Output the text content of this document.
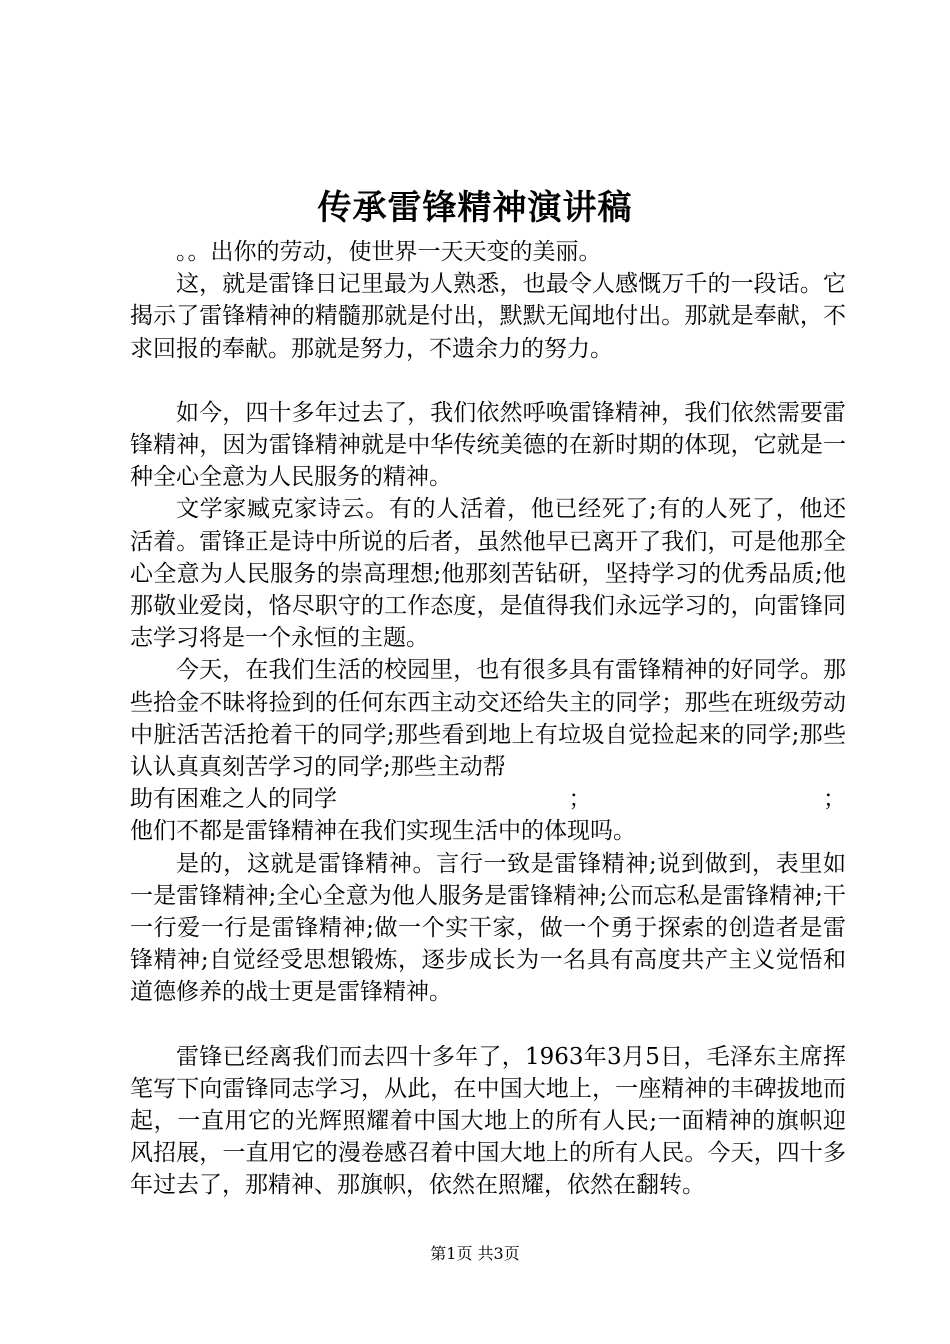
传承雷锋精神演讲稿

。。出你的劳动，使世界一天天变的美丽。

这，就是雷锋日记里最为人熟悉，也最令人感慨万千的一段话。它揭示了雷锋精神的精髓那就是付出，默默无闻地付出。那就是奉献，不求回报的奉献。那就是努力，不遗余力的努力。

如今，四十多年过去了，我们依然呼唤雷锋精神，我们依然需要雷锋精神，因为雷锋精神就是中华传统美德的在新时期的体现，它就是一种全心全意为人民服务的精神。

文学家臧克家诗云。有的人活着，他已经死了;有的人死了，他还活着。雷锋正是诗中所说的后者，虽然他早已离开了我们，可是他那全心全意为人民服务的崇高理想;他那刻苦钻研，坚持学习的优秀品质;他那敬业爱岗，恪尽职守的工作态度，是值得我们永远学习的，向雷锋同志学习将是一个永恒的主题。

今天，在我们生活的校园里，也有很多具有雷锋精神的好同学。那些拾金不昧将捡到的任何东西主动交还给失主的同学；那些在班级劳动中脏活苦活抢着干的同学;那些看到地上有垃圾自觉捡起来的同学;那些认认真真刻苦学习的同学;那些主动帮

助有困难之人的同学	；	；
他们不都是雷锋精神在我们实现生活中的体现吗。

是的，这就是雷锋精神。言行一致是雷锋精神;说到做到，表里如一是雷锋精神;全心全意为他人服务是雷锋精神;公而忘私是雷锋精神;干一行爱一行是雷锋精神;做一个实干家，做一个勇于探索的创造者是雷锋精神;自觉经受思想锻炼，逐步成长为一名具有高度共产主义觉悟和道德修养的战士更是雷锋精神。

雷锋已经离我们而去四十多年了，1963年3月5日，毛泽东主席挥笔写下向雷锋同志学习，从此，在中国大地上，一座精神的丰碑拔地而起，一直用它的光辉照耀着中国大地上的所有人民;一面精神的旗帜迎风招展，一直用它的漫卷感召着中国大地上的所有人民。今天，四十多年过去了，那精神、那旗帜，依然在照耀，依然在翻转。

第1页 共3页
